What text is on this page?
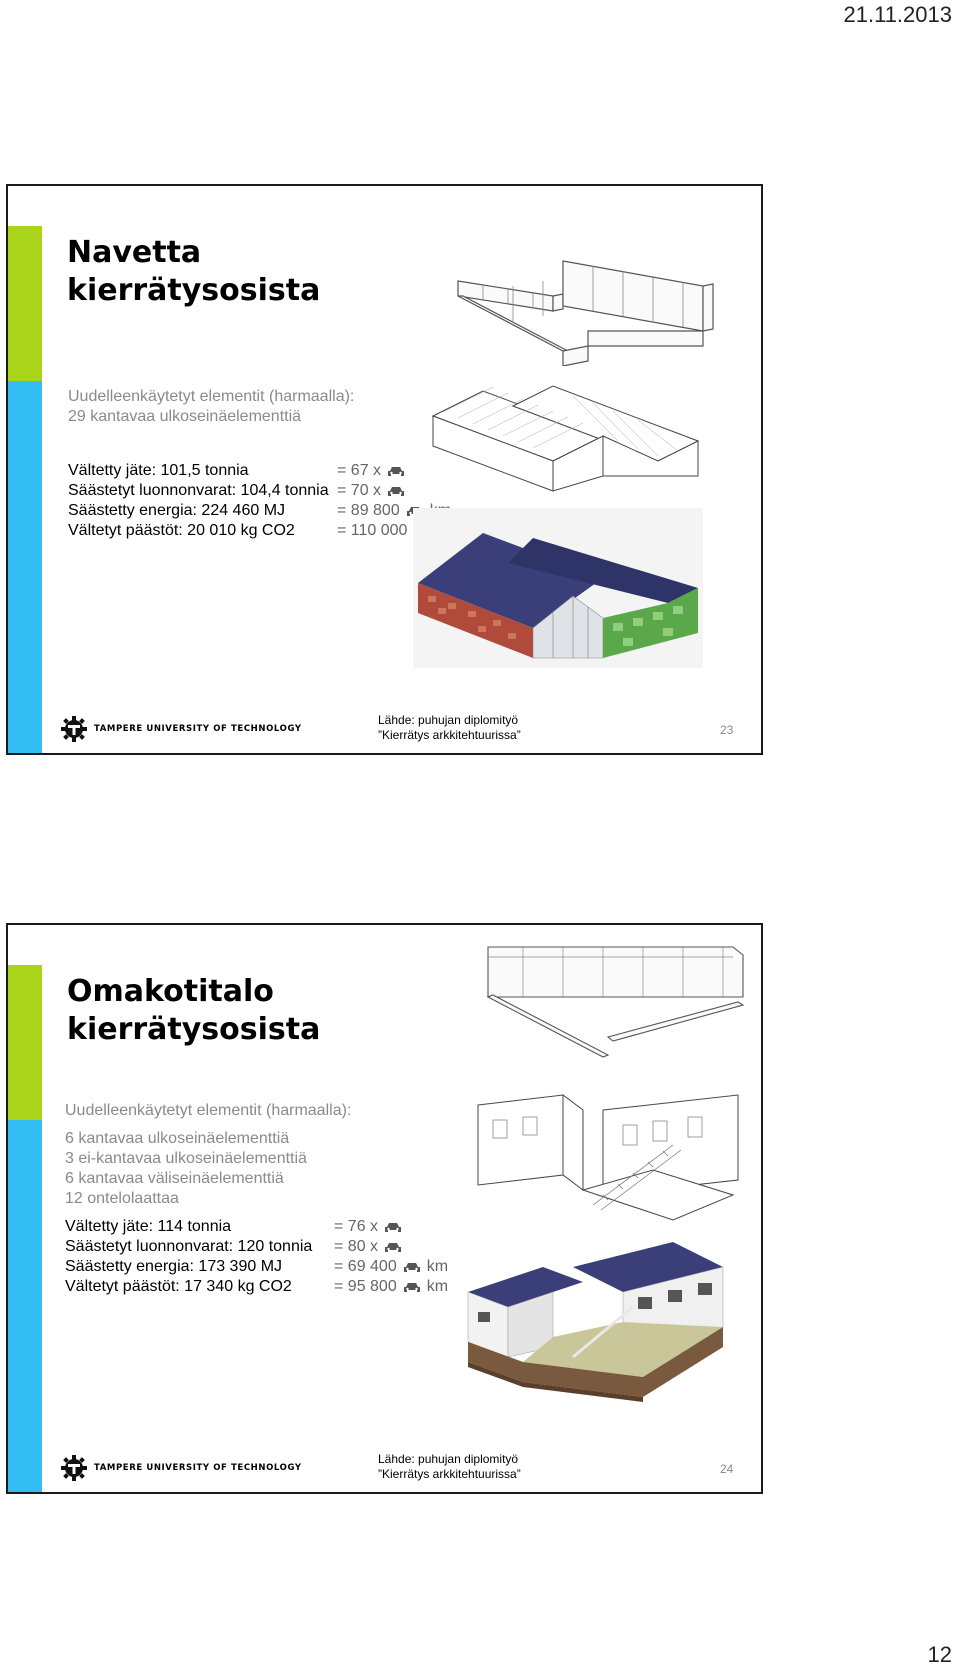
21.11.2013
Navetta
kierrätysosista
Uudelleenkäytetyt elementit (harmaalla):
29 kantavaa ulkoseinäelementtiä
Vältetty jäte: 101,5 tonnia
Säästetyt luonnonvarat: 104,4 tonnia
Säästetty energia: 224 460 MJ
Vältetyt päästöt: 20 010 kg CO2
= 67 x
= 70 x
= 89 800
= 110 000
TAMPERE UNIVERSITY OF TECHNOLOGY
Lähde: puhujan diplomityö
”Kierrätys arkkitehtuurissa”	23
Omakotitalo
kierrätysosista
Uudelleenkäytetyt elementit (harmaalla):
6 kantavaa ulkoseinäelementtiä
3 ei-kantavaa ulkoseinäelementtiä
6 kantavaa väliseinäelementtiä
12 ontelolaattaa
Vältetty jäte: 114 tonnia
Säästetyt luonnonvarat: 120 tonnia
Säästetty energia: 173 390 MJ
Vältetyt päästöt: 17 340 kg CO2
= 76 x
= 80 x
= 69 400 km
= 95 800 km
TAMPERE UNIVERSITY OF TECHNOLOGY
Lähde: puhujan diplomityö
”Kierrätys arkkitehtuurissa”	24
12
